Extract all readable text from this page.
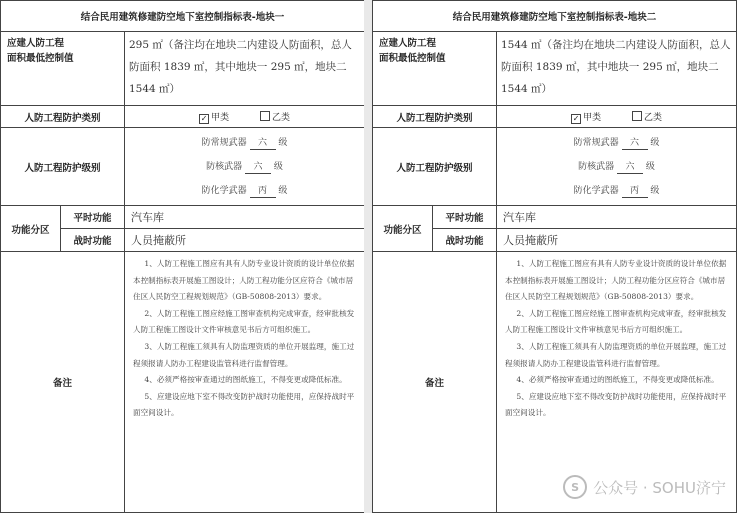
结合民用建筑修建防空地下室控制指标表-地块一		
应建人防工程
面积最低控制值		295 ㎡（备注均在地块二内建设人防面积，总人防面积 1839 ㎡，其中地块一 295 ㎡，地块二 1544 ㎡）
人防工程防护类别		✓ 甲类 乙类
人防工程防护级别		防常规武器 六 级
防核武器 六 级
防化学武器 丙 级

功能分区	平时功能	汽车库
	战时功能	人员掩蔽所
备注		1、人防工程施工图应有具有人防专业设计资质的设计单位依据本控制指标表开展施工图设计；人防工程功能分区应符合《城市居住区人民防空工程规划规范》（GB-50808-2013）要求。

2、人防工程施工图应经施工图审查机构完成审查，经审批核发人防工程施工图设计文件审核意见书后方可组织施工。

3、人防工程施工须具有人防监理资质的单位开展监理，施工过程须报请人防办工程建设监管科进行监督管理。

4、必须严格按审查通过的图纸施工，不得变更或降低标准。

5、应建设应地下室不得改变防护战时功能使用，应保持战时平面空间设计。

结合民用建筑修建防空地下室控制指标表-地块二		
应建人防工程
面积最低控制值		1544 ㎡（备注均在地块二内建设人防面积，总人防面积 1839 ㎡，其中地块一 295 ㎡，地块二 1544 ㎡）
人防工程防护类别		✓ 甲类 乙类
人防工程防护级别		防常规武器 六 级
防核武器 六 级
防化学武器 丙 级

功能分区	平时功能	汽车库
	战时功能	人员掩蔽所
备注		1、人防工程施工图应有具有人防专业设计资质的设计单位依据本控制指标表开展施工图设计；人防工程功能分区应符合《城市居住区人民防空工程规划规范》（GB-50808-2013）要求。

2、人防工程施工图应经施工图审查机构完成审查，经审批核发人防工程施工图设计文件审核意见书后方可组织施工。

3、人防工程施工须具有人防监理资质的单位开展监理，施工过程须报请人防办工程建设监管科进行监督管理。

4、必须严格按审查通过的图纸施工，不得变更或降低标准。

5、应建设应地下室不得改变防护战时功能使用，应保持战时平面空间设计。

S 公众号 · SOHU济宁
